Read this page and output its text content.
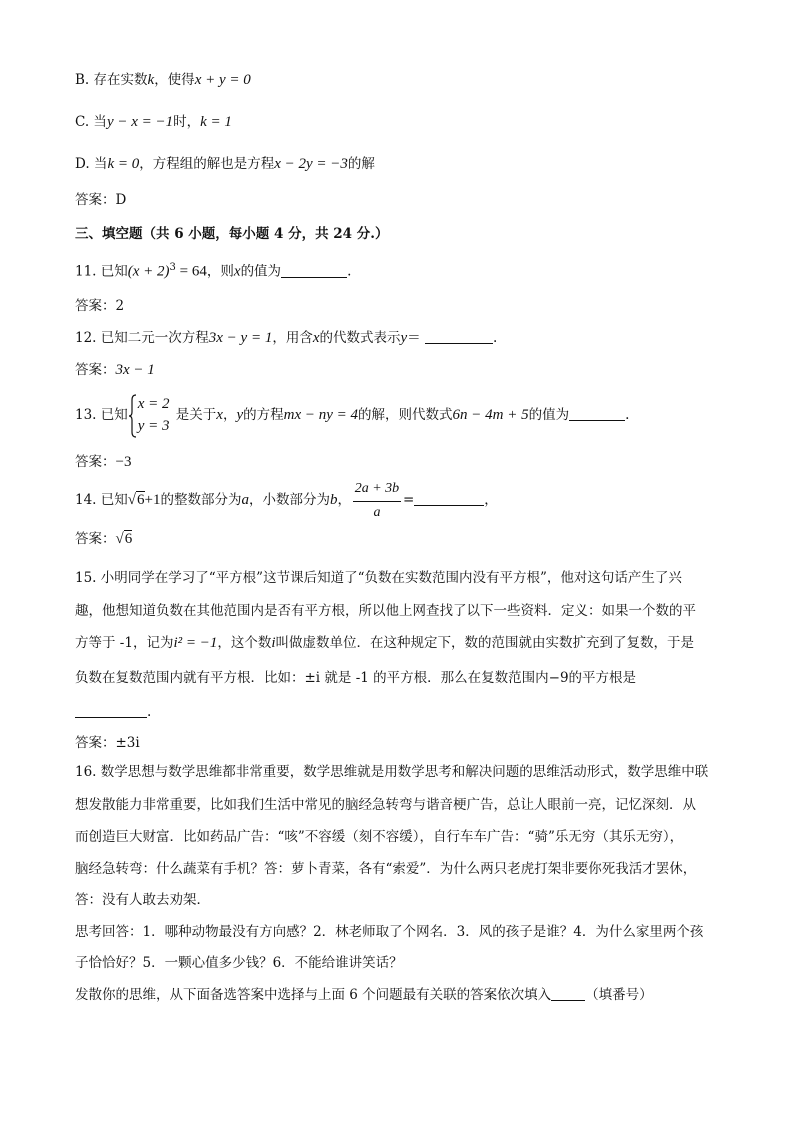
B. 存在实数k，使得x + y = 0
C. 当y − x = −1时，k = 1
D. 当k = 0，方程组的解也是方程x − 2y = −3的解
答案：D
三、填空题（共 6 小题，每小题 4 分，共 24 分.）
11. 已知$(x + 2)^3 = 64$，则x的值为	.
答案：2
12. 已知二元一次方程3x − y = 1，用含x的代数式表示y＝	.
答案：3x − 1
13. 已知
x = 2
y = 3
是关于x，y的方程mx − ny = 4的解，则代数式6n − 4m + 5的值为	.
答案：−3
14. 已知√6+1的整数部分为a，小数部分为b， $\frac{2a + 3b}{a}$ =	，
答案：√6
15. 小明同学在学习了“平方根”这节课后知道了“负数在实数范围内没有平方根”，他对这句话产生了兴
趣，他想知道负数在其他范围内是否有平方根，所以他上网查找了以下一些资料．定义：如果一个数的平
方等于 -1，记为i² = −1，这个数i叫做虚数单位．在这种规定下，数的范围就由实数扩充到了复数，于是
负数在复数范围内就有平方根．比如：±i 就是 -1 的平方根．那么在复数范围内−9的平方根是
.
答案：±3i
16. 数学思想与数学思维都非常重要，数学思维就是用数学思考和解决问题的思维活动形式，数学思维中联
想发散能力非常重要，比如我们生活中常见的脑经急转弯与谐音梗广告，总让人眼前一亮，记忆深刻．从
而创造巨大财富．比如药品广告：“咳”不容缓（刻不容缓），自行车车广告：“骑”乐无穷（其乐无穷），
脑经急转弯：什么蔬菜有手机？答：萝卜青菜，各有“索爱”．为什么两只老虎打架非要你死我活才罢休，
答：没有人敢去劝架．
思考回答：1．哪种动物最没有方向感？2．林老师取了个网名．3．风的孩子是谁？4．为什么家里两个孩
子恰恰好？5．一颗心值多少钱？6．不能给谁讲笑话？
发散你的思维，从下面备选答案中选择与上面 6 个问题最有关联的答案依次填入	（填番号）
